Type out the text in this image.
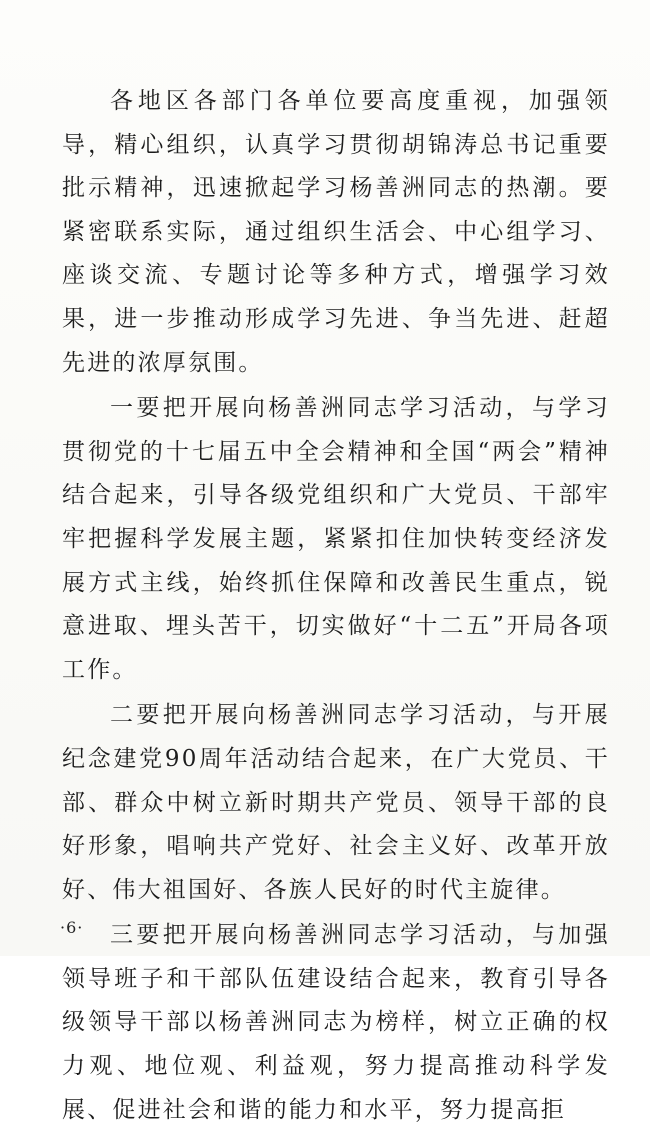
各地区各部门各单位要高度重视，加强领导，精心组织，认真学习贯彻胡锦涛总书记重要批示精神，迅速掀起学习杨善洲同志的热潮。要紧密联系实际，通过组织生活会、中心组学习、座谈交流、专题讨论等多种方式，增强学习效果，进一步推动形成学习先进、争当先进、赶超先进的浓厚氛围。

一要把开展向杨善洲同志学习活动，与学习贯彻党的十七届五中全会精神和全国“两会”精神结合起来，引导各级党组织和广大党员、干部牢牢把握科学发展主题，紧紧扣住加快转变经济发展方式主线，始终抓住保障和改善民生重点，锐意进取、埋头苦干，切实做好“十二五”开局各项工作。

二要把开展向杨善洲同志学习活动，与开展纪念建党90周年活动结合起来，在广大党员、干部、群众中树立新时期共产党员、领导干部的良好形象，唱响共产党好、社会主义好、改革开放好、伟大祖国好、各族人民好的时代主旋律。

三要把开展向杨善洲同志学习活动，与加强领导班子和干部队伍建设结合起来，教育引导各级领导干部以杨善洲同志为榜样，树立正确的权力观、地位观、利益观，努力提高推动科学发展、促进社会和谐的能力和水平，努力提高拒

·6·
